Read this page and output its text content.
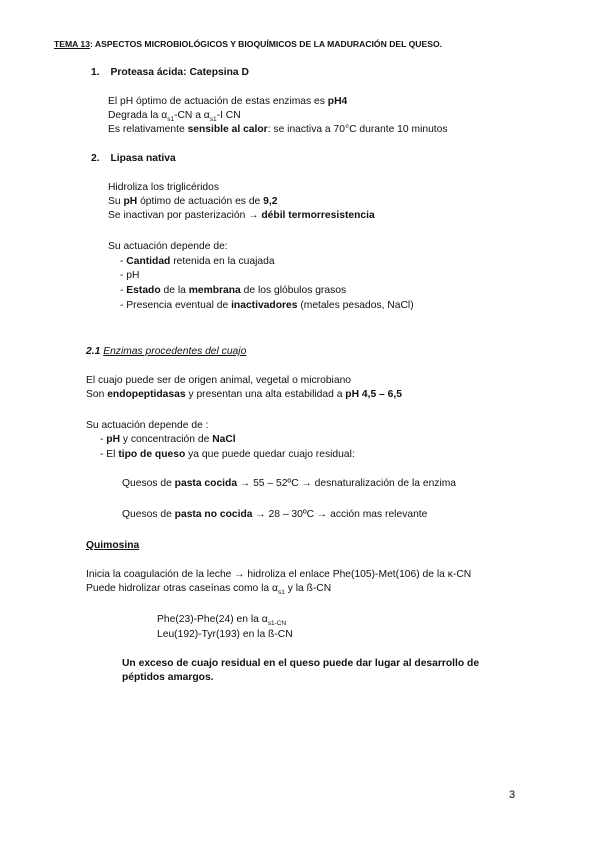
TEMA 13: ASPECTOS MICROBIOLÓGICOS Y BIOQUÍMICOS DE LA MADURACIÓN DEL QUESO.
1. Proteasa ácida: Catepsina D
El pH óptimo de actuación de estas enzimas es pH4
Degrada la $\alpha_{s1}-CN$ a $\alpha_{s1}-I$ CN
Es relativamente sensible al calor: se inactiva a 70°C durante 10 minutos
2. Lipasa nativa
Hidroliza los triglicéridos
Su pH óptimo de actuación es de 9,2
Se inactivan por pasterización → débil termorresistencia
Su actuación depende de:
- Cantidad retenida en la cuajada
- pH
- Estado de la membrana de los glóbulos grasos
- Presencia eventual de inactivadores (metales pesados, NaCl)
2.1 Enzimas procedentes del cuajo
El cuajo puede ser de origen animal, vegetal o microbiano
Son endopeptidasas y presentan una alta estabilidad a pH 4,5 – 6,5
Su actuación depende de :
- pH y concentración de NaCl
- El tipo de queso ya que puede quedar cuajo residual:
Quesos de pasta cocida → 55 – 52ºC → desnaturalización de la enzima
Quesos de pasta no cocida → 28 – 30ºC → acción mas relevante
Quimosina
Inicia la coagulación de la leche → hidroliza el enlace Phe(105)-Met(106) de la κ-CN
Puede hidrolizar otras caseínas como la $\alpha_{s1}$ y la ß-CN
Phe(23)-Phe(24) en la $\alpha_{s1-CN}$
Leu(192)-Tyr(193) en la ß-CN
Un exceso de cuajo residual en el queso puede dar lugar al desarrollo de
péptidos amargos.
3
